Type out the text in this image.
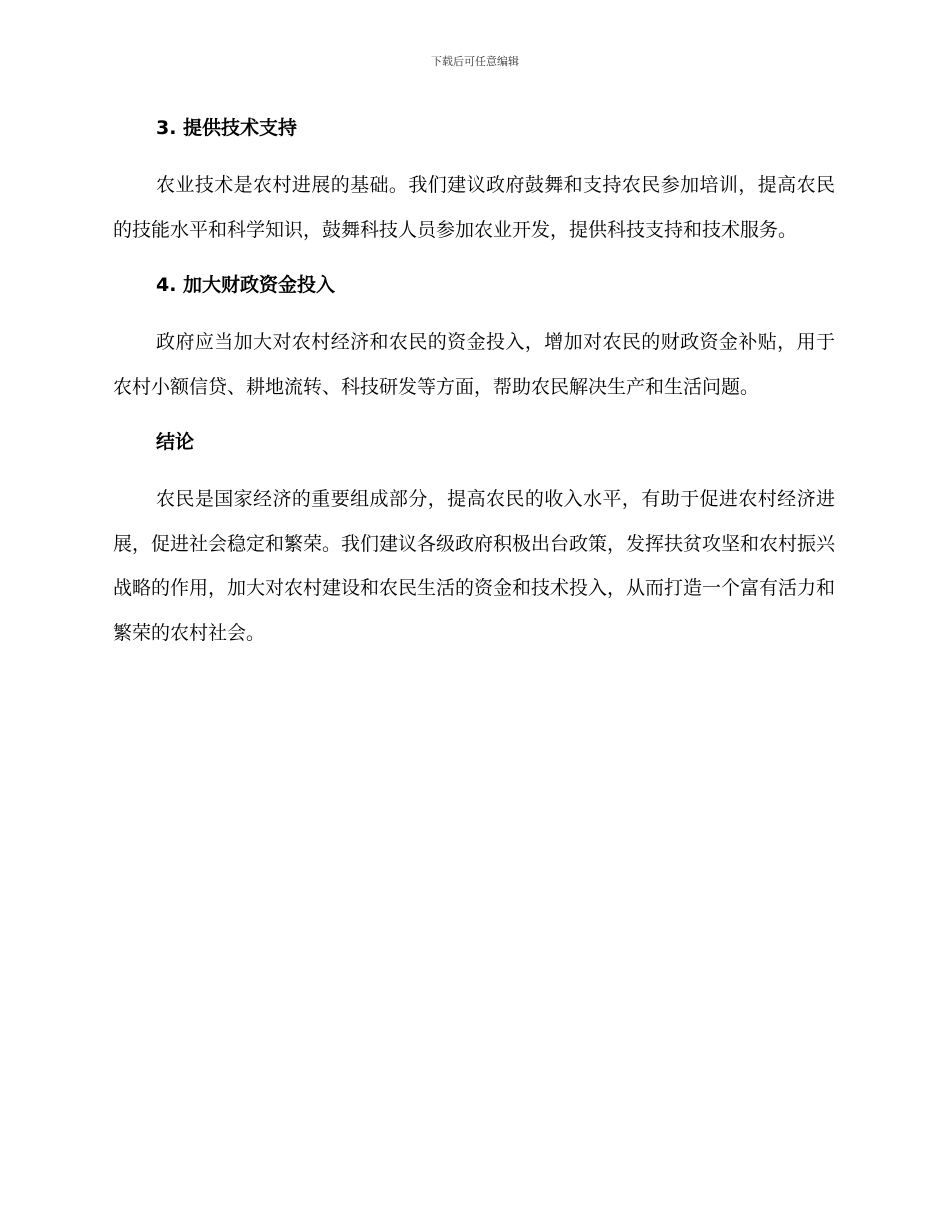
下载后可任意编辑
3. 提供技术支持

农业技术是农村进展的基础。我们建议政府鼓舞和支持农民参加培训，提高农民的技能水平和科学知识，鼓舞科技人员参加农业开发，提供科技支持和技术服务。

4. 加大财政资金投入

政府应当加大对农村经济和农民的资金投入，增加对农民的财政资金补贴，用于农村小额信贷、耕地流转、科技研发等方面，帮助农民解决生产和生活问题。

结论

农民是国家经济的重要组成部分，提高农民的收入水平，有助于促进农村经济进展，促进社会稳定和繁荣。我们建议各级政府积极出台政策，发挥扶贫攻坚和农村振兴战略的作用，加大对农村建设和农民生活的资金和技术投入，从而打造一个富有活力和繁荣的农村社会。
